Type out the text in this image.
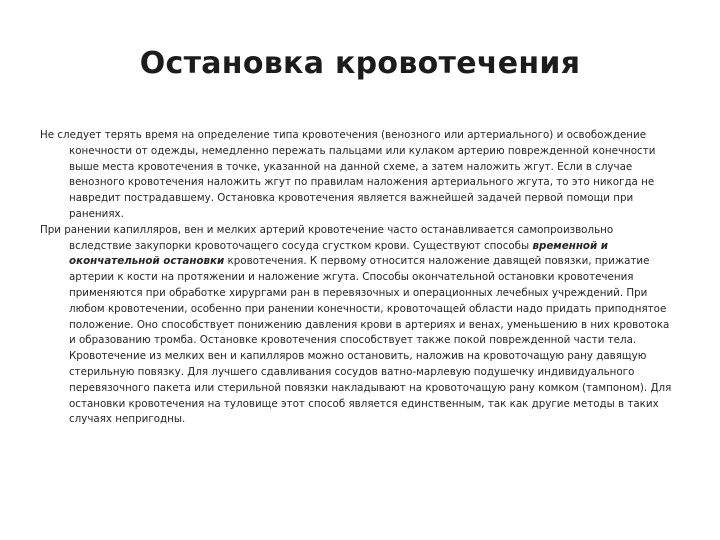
Остановка кровотечения

Не следует терять время на определение типа кровотечения (венозного или артериального) и освобождение конечности от одежды, немедленно пережать пальцами или кулаком артерию поврежденной конечности выше места кровотечения в точке, указанной на данной схеме, а затем наложить жгут. Если в случае венозного кровотечения наложить жгут по правилам наложения артериального жгута, то это никогда не навредит пострадавшему. Остановка кровотечения является важнейшей задачей первой помощи при ранениях.

При ранении капилляров, вен и мелких артерий кровотечение часто останавливается самопроизвольно вследствие закупорки кровоточащего сосуда сгустком крови. Существуют способы временной и окончательной остановки кровотечения. К первому относится наложение давящей повязки, прижатие артерии к кости на протяжении и наложение жгута. Способы окончательной остановки кровотечения применяются при обработке хирургами ран в перевязочных и операционных лечебных учреждений. При любом кровотечении, особенно при ранении конечности, кровоточащей области надо придать приподнятое положение. Оно способствует понижению давления крови в артериях и венах, уменьшению в них кровотока и образованию тромба. Остановке кровотечения способствует также покой поврежденной части тела. Кровотечение из мелких вен и капилляров можно остановить, наложив на кровоточащую рану давящую стерильную повязку. Для лучшего сдавливания сосудов ватно-марлевую подушечку индивидуального перевязочного пакета или стерильной повязки накладывают на кровоточащую рану комком (тампоном). Для остановки кровотечения на туловище этот способ является единственным, так как другие методы в таких случаях непригодны.
